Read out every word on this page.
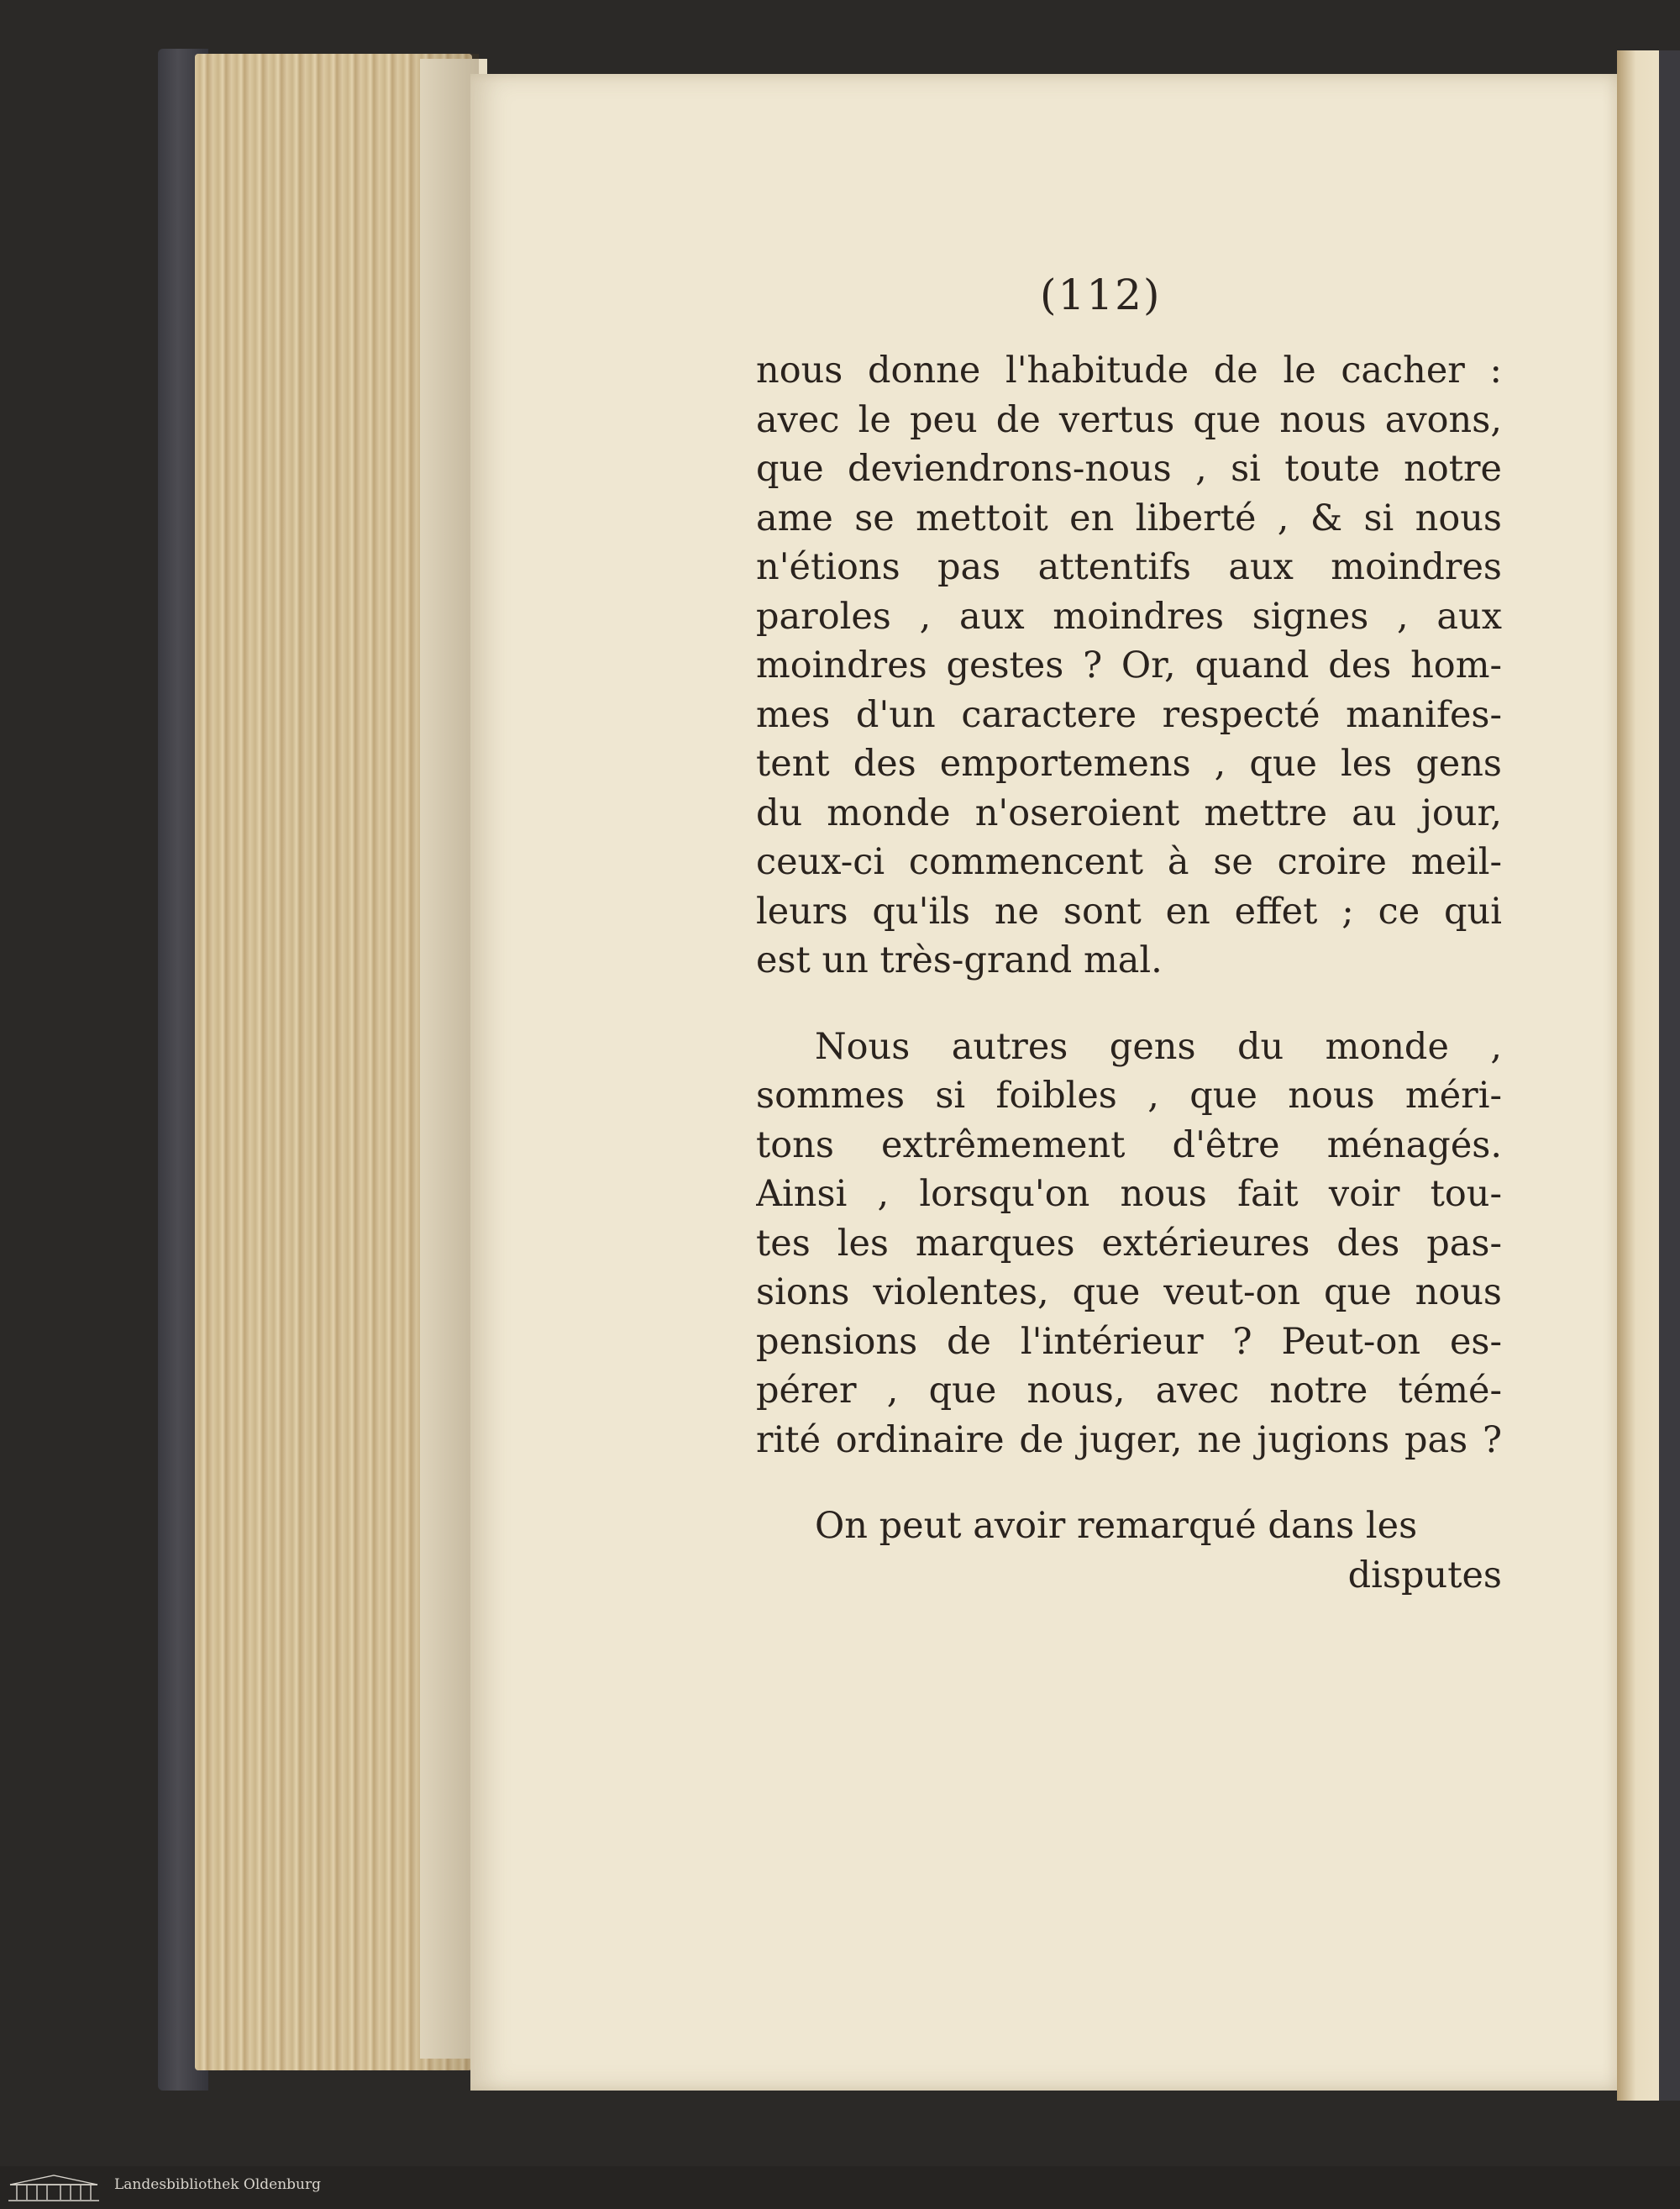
(112)
nous donne l'habitude de le cacher :
avec le peu de vertus que nous avons,
que deviendrons-nous , si toute notre
ame se mettoit en liberté , & si nous
n'étions pas attentifs aux moindres
paroles , aux moindres signes , aux
moindres gestes ? Or, quand des hom-
mes d'un caractere respecté manifes-
tent des emportemens , que les gens
du monde n'oseroient mettre au jour,
ceux-ci commencent à se croire meil-
leurs qu'ils ne sont en effet ; ce qui
est un très-grand mal.
Nous autres gens du monde ,
sommes si foibles , que nous méri-
tons extrêmement d'être ménagés.
Ainsi , lorsqu'on nous fait voir tou-
tes les marques extérieures des pas-
sions violentes, que veut-on que nous
pensions de l'intérieur ? Peut-on es-
pérer , que nous, avec notre témé-
rité ordinaire de juger, ne jugions pas ?
On peut avoir remarqué dans les
disputes
Landesbibliothek Oldenburg
